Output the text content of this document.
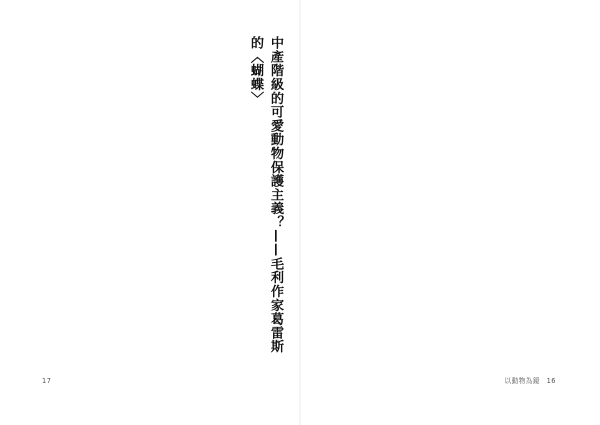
中產階級的可愛動物保護主義？——毛利作家葛雷斯的〈蝴蝶〉
17	以動物為鏡 16
